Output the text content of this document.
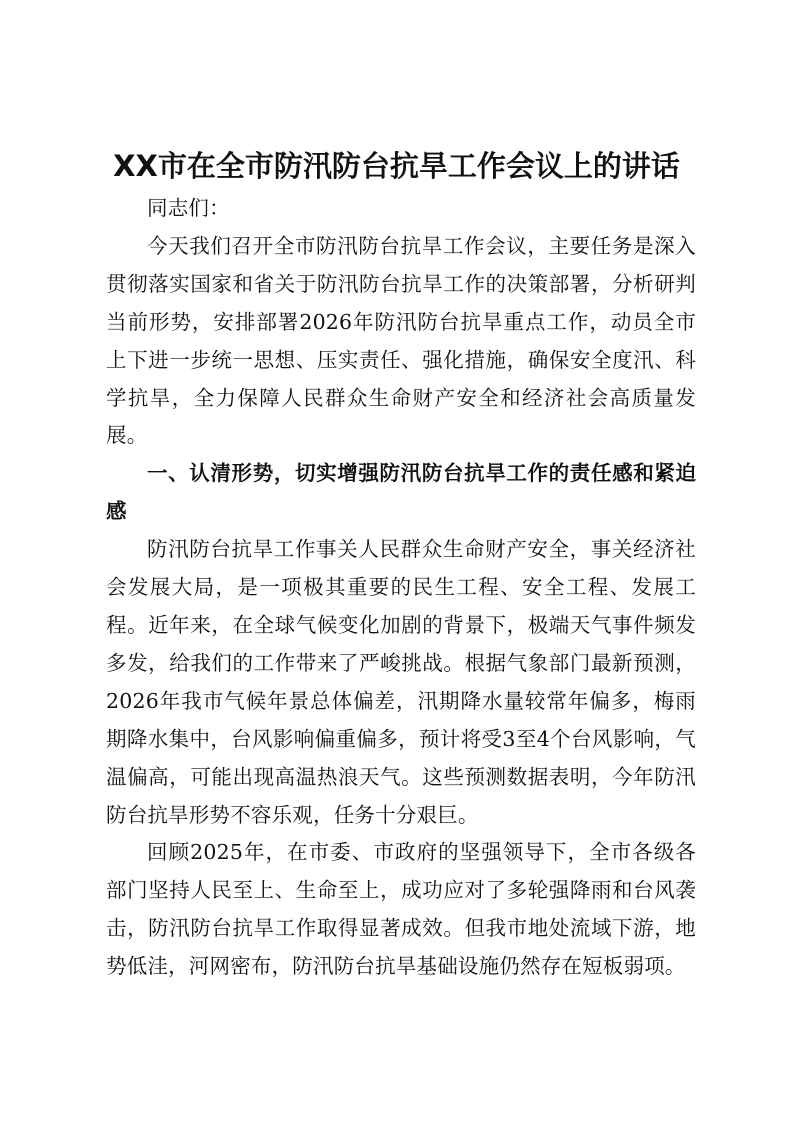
XX市在全市防汛防台抗旱工作会议上的讲话

同志们：

今天我们召开全市防汛防台抗旱工作会议，主要任务是深入贯彻落实国家和省关于防汛防台抗旱工作的决策部署，分析研判当前形势，安排部署2026年防汛防台抗旱重点工作，动员全市上下进一步统一思想、压实责任、强化措施，确保安全度汛、科学抗旱，全力保障人民群众生命财产安全和经济社会高质量发展。

一、认清形势，切实增强防汛防台抗旱工作的责任感和紧迫感

防汛防台抗旱工作事关人民群众生命财产安全，事关经济社会发展大局，是一项极其重要的民生工程、安全工程、发展工程。近年来，在全球气候变化加剧的背景下，极端天气事件频发多发，给我们的工作带来了严峻挑战。根据气象部门最新预测，2026年我市气候年景总体偏差，汛期降水量较常年偏多，梅雨期降水集中，台风影响偏重偏多，预计将受3至4个台风影响，气温偏高，可能出现高温热浪天气。这些预测数据表明，今年防汛防台抗旱形势不容乐观，任务十分艰巨。

回顾2025年，在市委、市政府的坚强领导下，全市各级各部门坚持人民至上、生命至上，成功应对了多轮强降雨和台风袭击，防汛防台抗旱工作取得显著成效。但我市地处流域下游，地势低洼，河网密布，防汛防台抗旱基础设施仍然存在短板弱项。
